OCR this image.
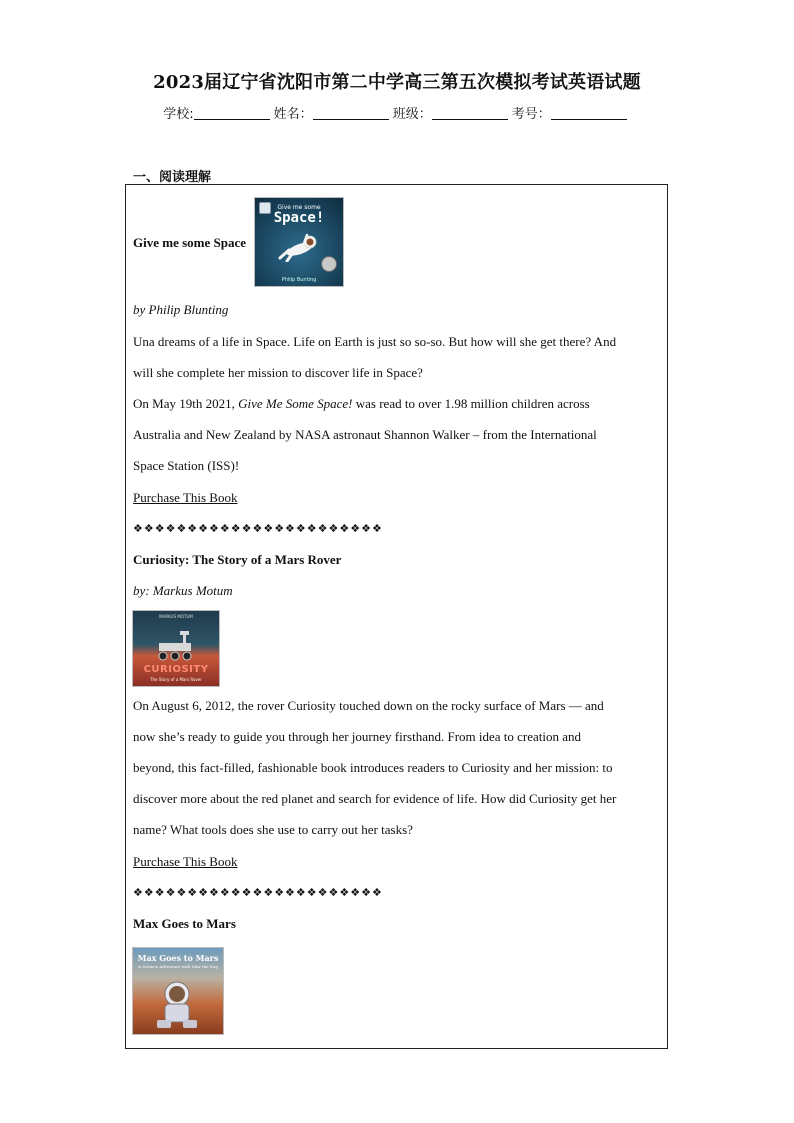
2023届辽宁省沈阳市第二中学高三第五次模拟考试英语试题
学校:	姓名：	班级：	考号：
一、阅读理解
Give me some Space
Give me some
Space!
Philip Bunting
by Philip Blunting
Una dreams of a life in Space. Life on Earth is just so so-so. But how will she get there? And
will she complete her mission to discover life in Space?
On May 19th 2021, Give Me Some Space! was read to over 1.98 million children across
Australia and New Zealand by NASA astronaut Shannon Walker – from the International
Space Station (ISS)!
Purchase This Book
❖❖❖❖❖❖❖❖❖❖❖❖❖❖❖❖❖❖❖❖❖❖❖
Curiosity: The Story of a Mars Rover
by: Markus Motum
MARKUS MOTUM
CURIOSITY
The Story of a Mars Rover
On August 6, 2012, the rover Curiosity touched down on the rocky surface of Mars — and
now she’s ready to guide you through her journey firsthand. From idea to creation and
beyond, this fact-filled, fashionable book introduces readers to Curiosity and her mission: to
discover more about the red planet and search for evidence of life. How did Curiosity get her
name? What tools does she use to carry out her tasks?
Purchase This Book
❖❖❖❖❖❖❖❖❖❖❖❖❖❖❖❖❖❖❖❖❖❖❖
Max Goes to Mars
Max Goes to Mars
A Science Adventure with Max the Dog
